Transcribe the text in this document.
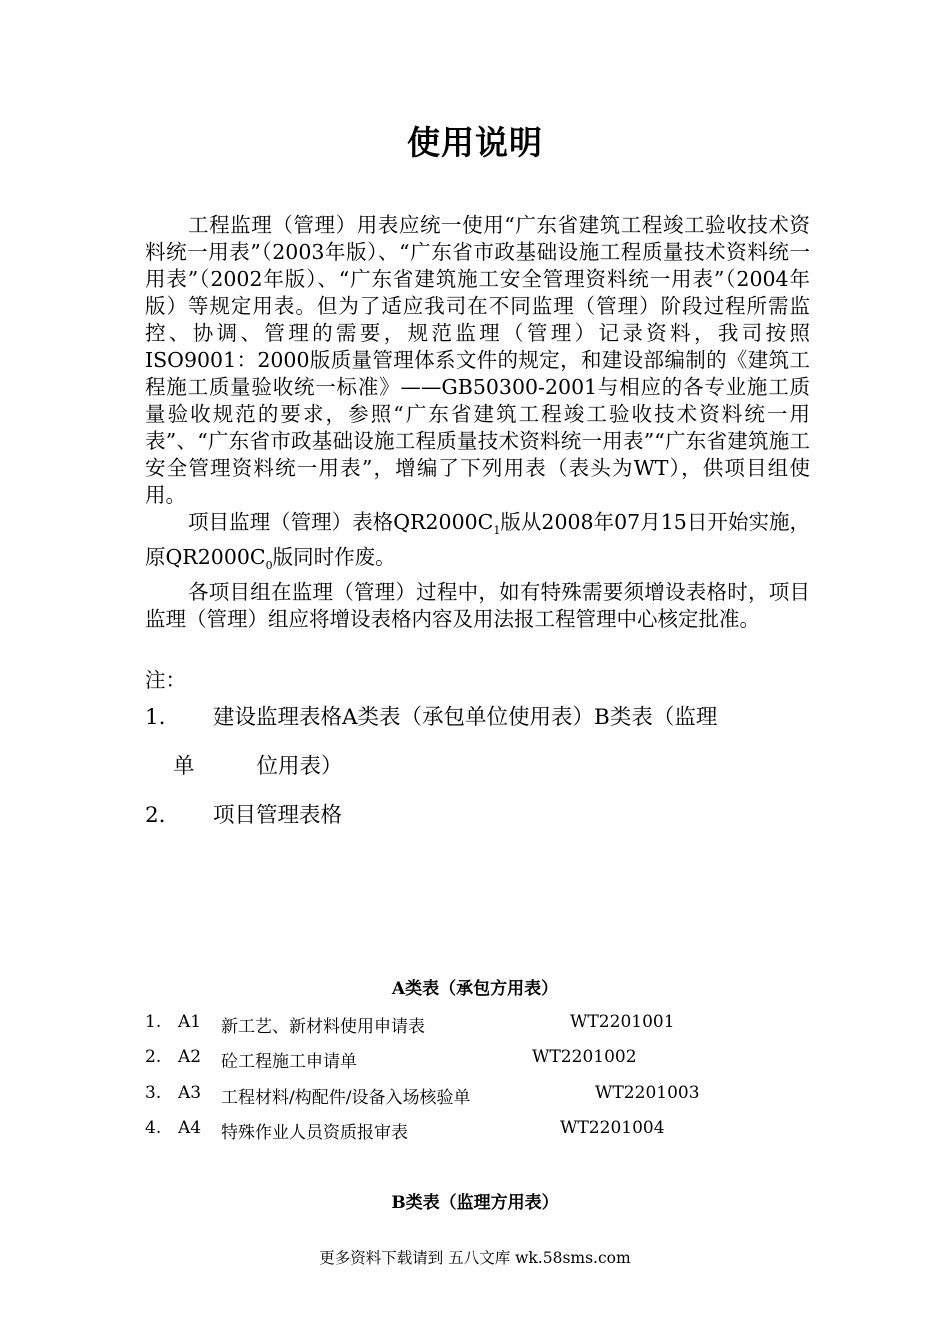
使用说明

工程监理（管理）用表应统一使用“广东省建筑工程竣工验收技术资料统一用表”（2003年版）、“广东省市政基础设施工程质量技术资料统一用表”（2002年版）、“广东省建筑施工安全管理资料统一用表”（2004年版）等规定用表。但为了适应我司在不同监理（管理）阶段过程所需监控、协调、管理的需要，规范监理（管理）记录资料，我司按照ISO9001：2000版质量管理体系文件的规定，和建设部编制的《建筑工程施工质量验收统一标准》——GB50300-2001与相应的各专业施工质量验收规范的要求，参照“广东省建筑工程竣工验收技术资料统一用表”、“广东省市政基础设施工程质量技术资料统一用表”“广东省建筑施工安全管理资料统一用表”，增编了下列用表（表头为WT），供项目组使用。

项目监理（管理）表格$QR2000C_1$版从2008年07月15日开始实施，原$QR2000C_0$版同时作废。

各项目组在监理（管理）过程中，如有特殊需要须增设表格时，项目监理（管理）组应将增设表格内容及用法报工程管理中心核定批准。

注：
1. 建设监理表格A类表（承包单位使用表）B类表（监理
单	位用表）
2. 项目管理表格
A类表（承包方用表）
1. A1 新工艺、新材料使用申请表	WT2201001
2. A2 砼工程施工申请单	WT2201002
3. A3 工程材料/构配件/设备入场核验单	WT2201003
4. A4 特殊作业人员资质报审表	WT2201004
B类表（监理方用表）
更多资料下载请到 五八文库 wk.58sms.com
